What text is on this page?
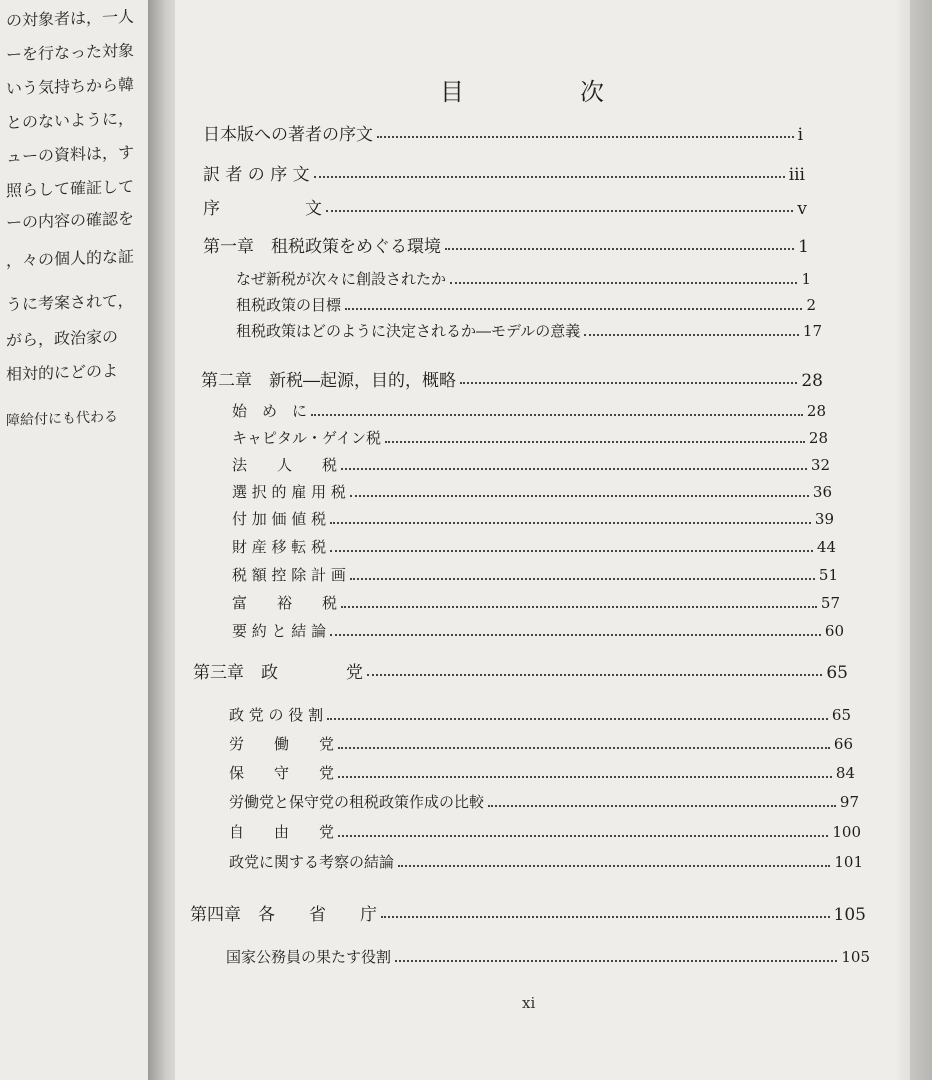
の対象者は，一人
ーを行なった対象
いう気持ちから韓
とのないように，
ューの資料は，す
照らして確証して
ーの内容の確認を
，々の個人的な証
うに考案されて，
がら，政治家の
相対的にどのよ
障給付にも代わる
目　次
日本版への著者の序文	i
訳 者 の 序 文	iii
序　　　　　文	v
第一章　租税政策をめぐる環境	1
なぜ新税が次々に創設されたか	1
租税政策の目標	2
租税政策はどのように決定されるか―モデルの意義	17
第二章　新税―起源，目的，概略	28
始　め　に	28
キャピタル・ゲイン税	28
法　　人　　税	32
選 択 的 雇 用 税	36
付 加 価 値 税	39
財 産 移 転 税	44
税 額 控 除 計 画	51
富　　裕　　税	57
要 約 と 結 論	60
第三章　政　　　　党	65
政 党 の 役 割	65
労　　働　　党	66
保　　守　　党	84
労働党と保守党の租税政策作成の比較	97
自　　由　　党	100
政党に関する考察の結論	101
第四章　各　　省　　庁	105
国家公務員の果たす役割	105
xi
